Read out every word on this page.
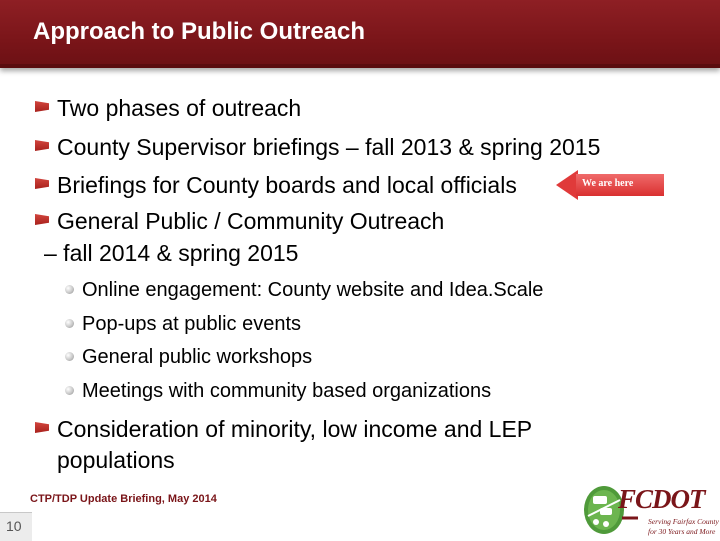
Approach to Public Outreach
Two phases of outreach
County Supervisor briefings – fall 2013 & spring 2015
Briefings for County boards and local officials
General Public / Community Outreach
– fall 2014 & spring 2015
Online engagement: County website and Idea.Scale
Pop-ups at public events
General public workshops
Meetings with community based organizations
Consideration of minority, low income and LEP
populations
We are here
CTP/TDP Update Briefing, May 2014
10
FCDOT
Serving Fairfax County
for 30 Years and More
